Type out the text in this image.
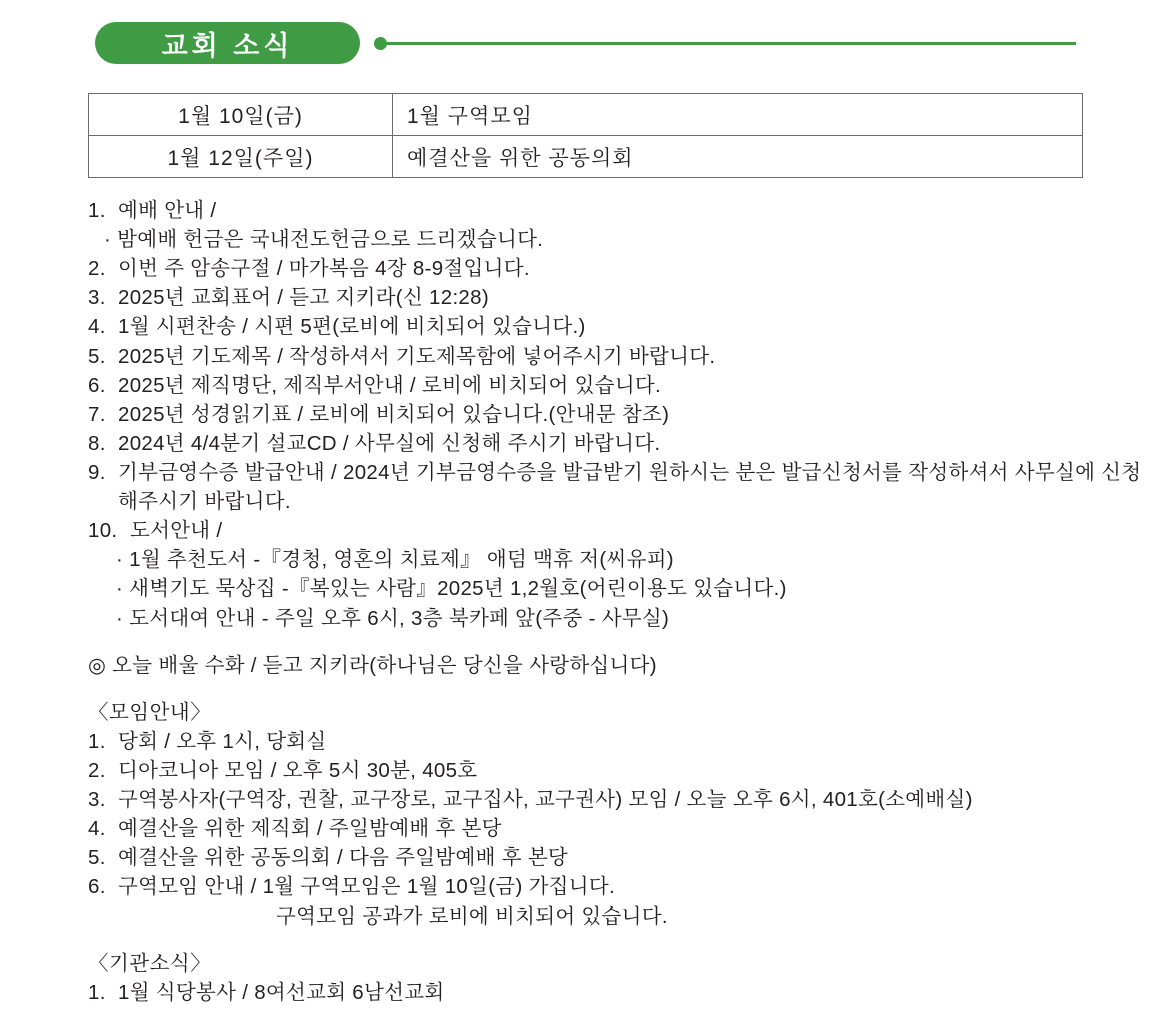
교회 소식
1월 10일(금)	1월 구역모임
1월 12일(주일)	예결산을 위한 공동의회
1. 예배 안내 /
· 밤예배 헌금은 국내전도헌금으로 드리겠습니다.
2. 이번 주 암송구절 / 마가복음 4장 8-9절입니다.
3. 2025년 교회표어 / 듣고 지키라(신 12:28)
4. 1월 시편찬송 / 시편 5편(로비에 비치되어 있습니다.)
5. 2025년 기도제목 / 작성하셔서 기도제목함에 넣어주시기 바랍니다.
6. 2025년 제직명단, 제직부서안내 / 로비에 비치되어 있습니다.
7. 2025년 성경읽기표 / 로비에 비치되어 있습니다.(안내문 참조)
8. 2024년 4/4분기 설교CD / 사무실에 신청해 주시기 바랍니다.
9. 기부금영수증 발급안내 / 2024년 기부금영수증을 발급받기 원하시는 분은 발급신청서를 작성하셔서 사무실에 신청해주시기 바랍니다.
10. 도서안내 /
· 1월 추천도서 -『경청, 영혼의 치료제』 애덤 맥휴 저(씨유피)
· 새벽기도 묵상집 -『복있는 사람』2025년 1,2월호(어린이용도 있습니다.)
· 도서대여 안내 - 주일 오후 6시, 3층 북카페 앞(주중 - 사무실)
◎ 오늘 배울 수화 / 듣고 지키라(하나님은 당신을 사랑하십니다)
〈모임안내〉
1. 당회 / 오후 1시, 당회실
2. 디아코니아 모임 / 오후 5시 30분, 405호
3. 구역봉사자(구역장, 권찰, 교구장로, 교구집사, 교구권사) 모임 / 오늘 오후 6시, 401호(소예배실)
4. 예결산을 위한 제직회 / 주일밤예배 후 본당
5. 예결산을 위한 공동의회 / 다음 주일밤예배 후 본당
6. 구역모임 안내 / 1월 구역모임은 1월 10일(금) 가집니다.
구역모임 공과가 로비에 비치되어 있습니다.
〈기관소식〉
1. 1월 식당봉사 / 8여선교회 6남선교회
